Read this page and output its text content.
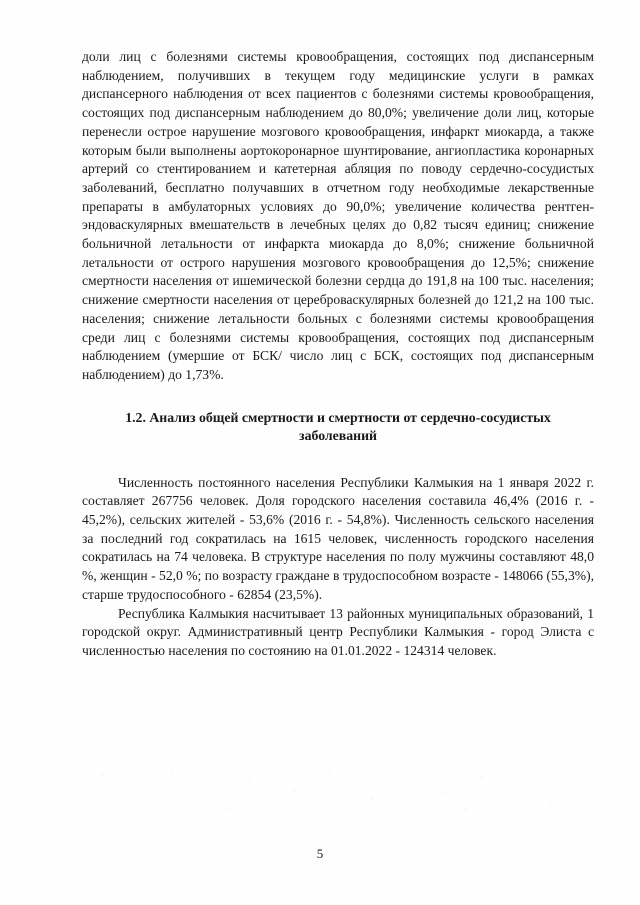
доли лиц с болезнями системы кровообращения, состоящих под диспансерным наблюдением, получивших в текущем году медицинские услуги в рамках диспансерного наблюдения от всех пациентов с болезнями системы кровообращения, состоящих под диспансерным наблюдением до 80,0%; увеличение доли лиц, которые перенесли острое нарушение мозгового кровообращения, инфаркт миокарда, а также которым были выполнены аортокоронарное шунтирование, ангиопластика коронарных артерий со стентированием и катетерная абляция по поводу сердечно-сосудистых заболеваний, бесплатно получавших в отчетном году необходимые лекарственные препараты в амбулаторных условиях до 90,0%; увеличение количества рентген-эндоваскулярных вмешательств в лечебных целях до 0,82 тысяч единиц; снижение больничной летальности от инфаркта миокарда до 8,0%; снижение больничной летальности от острого нарушения мозгового кровообращения до 12,5%; снижение смертности населения от ишемической болезни сердца до 191,8 на 100 тыс. населения; снижение смертности населения от цереброваскулярных болезней до 121,2 на 100 тыс. населения; снижение летальности больных с болезнями системы кровообращения среди лиц с болезнями системы кровообращения, состоящих под диспансерным наблюдением (умершие от БСК/ число лиц с БСК, состоящих под диспансерным наблюдением) до 1,73%.

1.2. Анализ общей смертности и смертности от сердечно-сосудистых
заболеваний

Численность постоянного населения Республики Калмыкия на 1 января 2022 г. составляет 267756 человек. Доля городского населения составила 46,4% (2016 г. - 45,2%), сельских жителей - 53,6% (2016 г. - 54,8%). Численность сельского населения за последний год сократилась на 1615 человек, численность городского населения сократилась на 74 человека. В структуре населения по полу мужчины составляют 48,0 %, женщин - 52,0 %; по возрасту граждане в трудоспособном возрасте - 148066 (55,3%), старше трудоспособного - 62854 (23,5%).

Республика Калмыкия насчитывает 13 районных муниципальных образований, 1 городской округ. Административный центр Республики Калмыкия - город Элиста с численностью населения по состоянию на 01.01.2022 - 124314 человек.

5
